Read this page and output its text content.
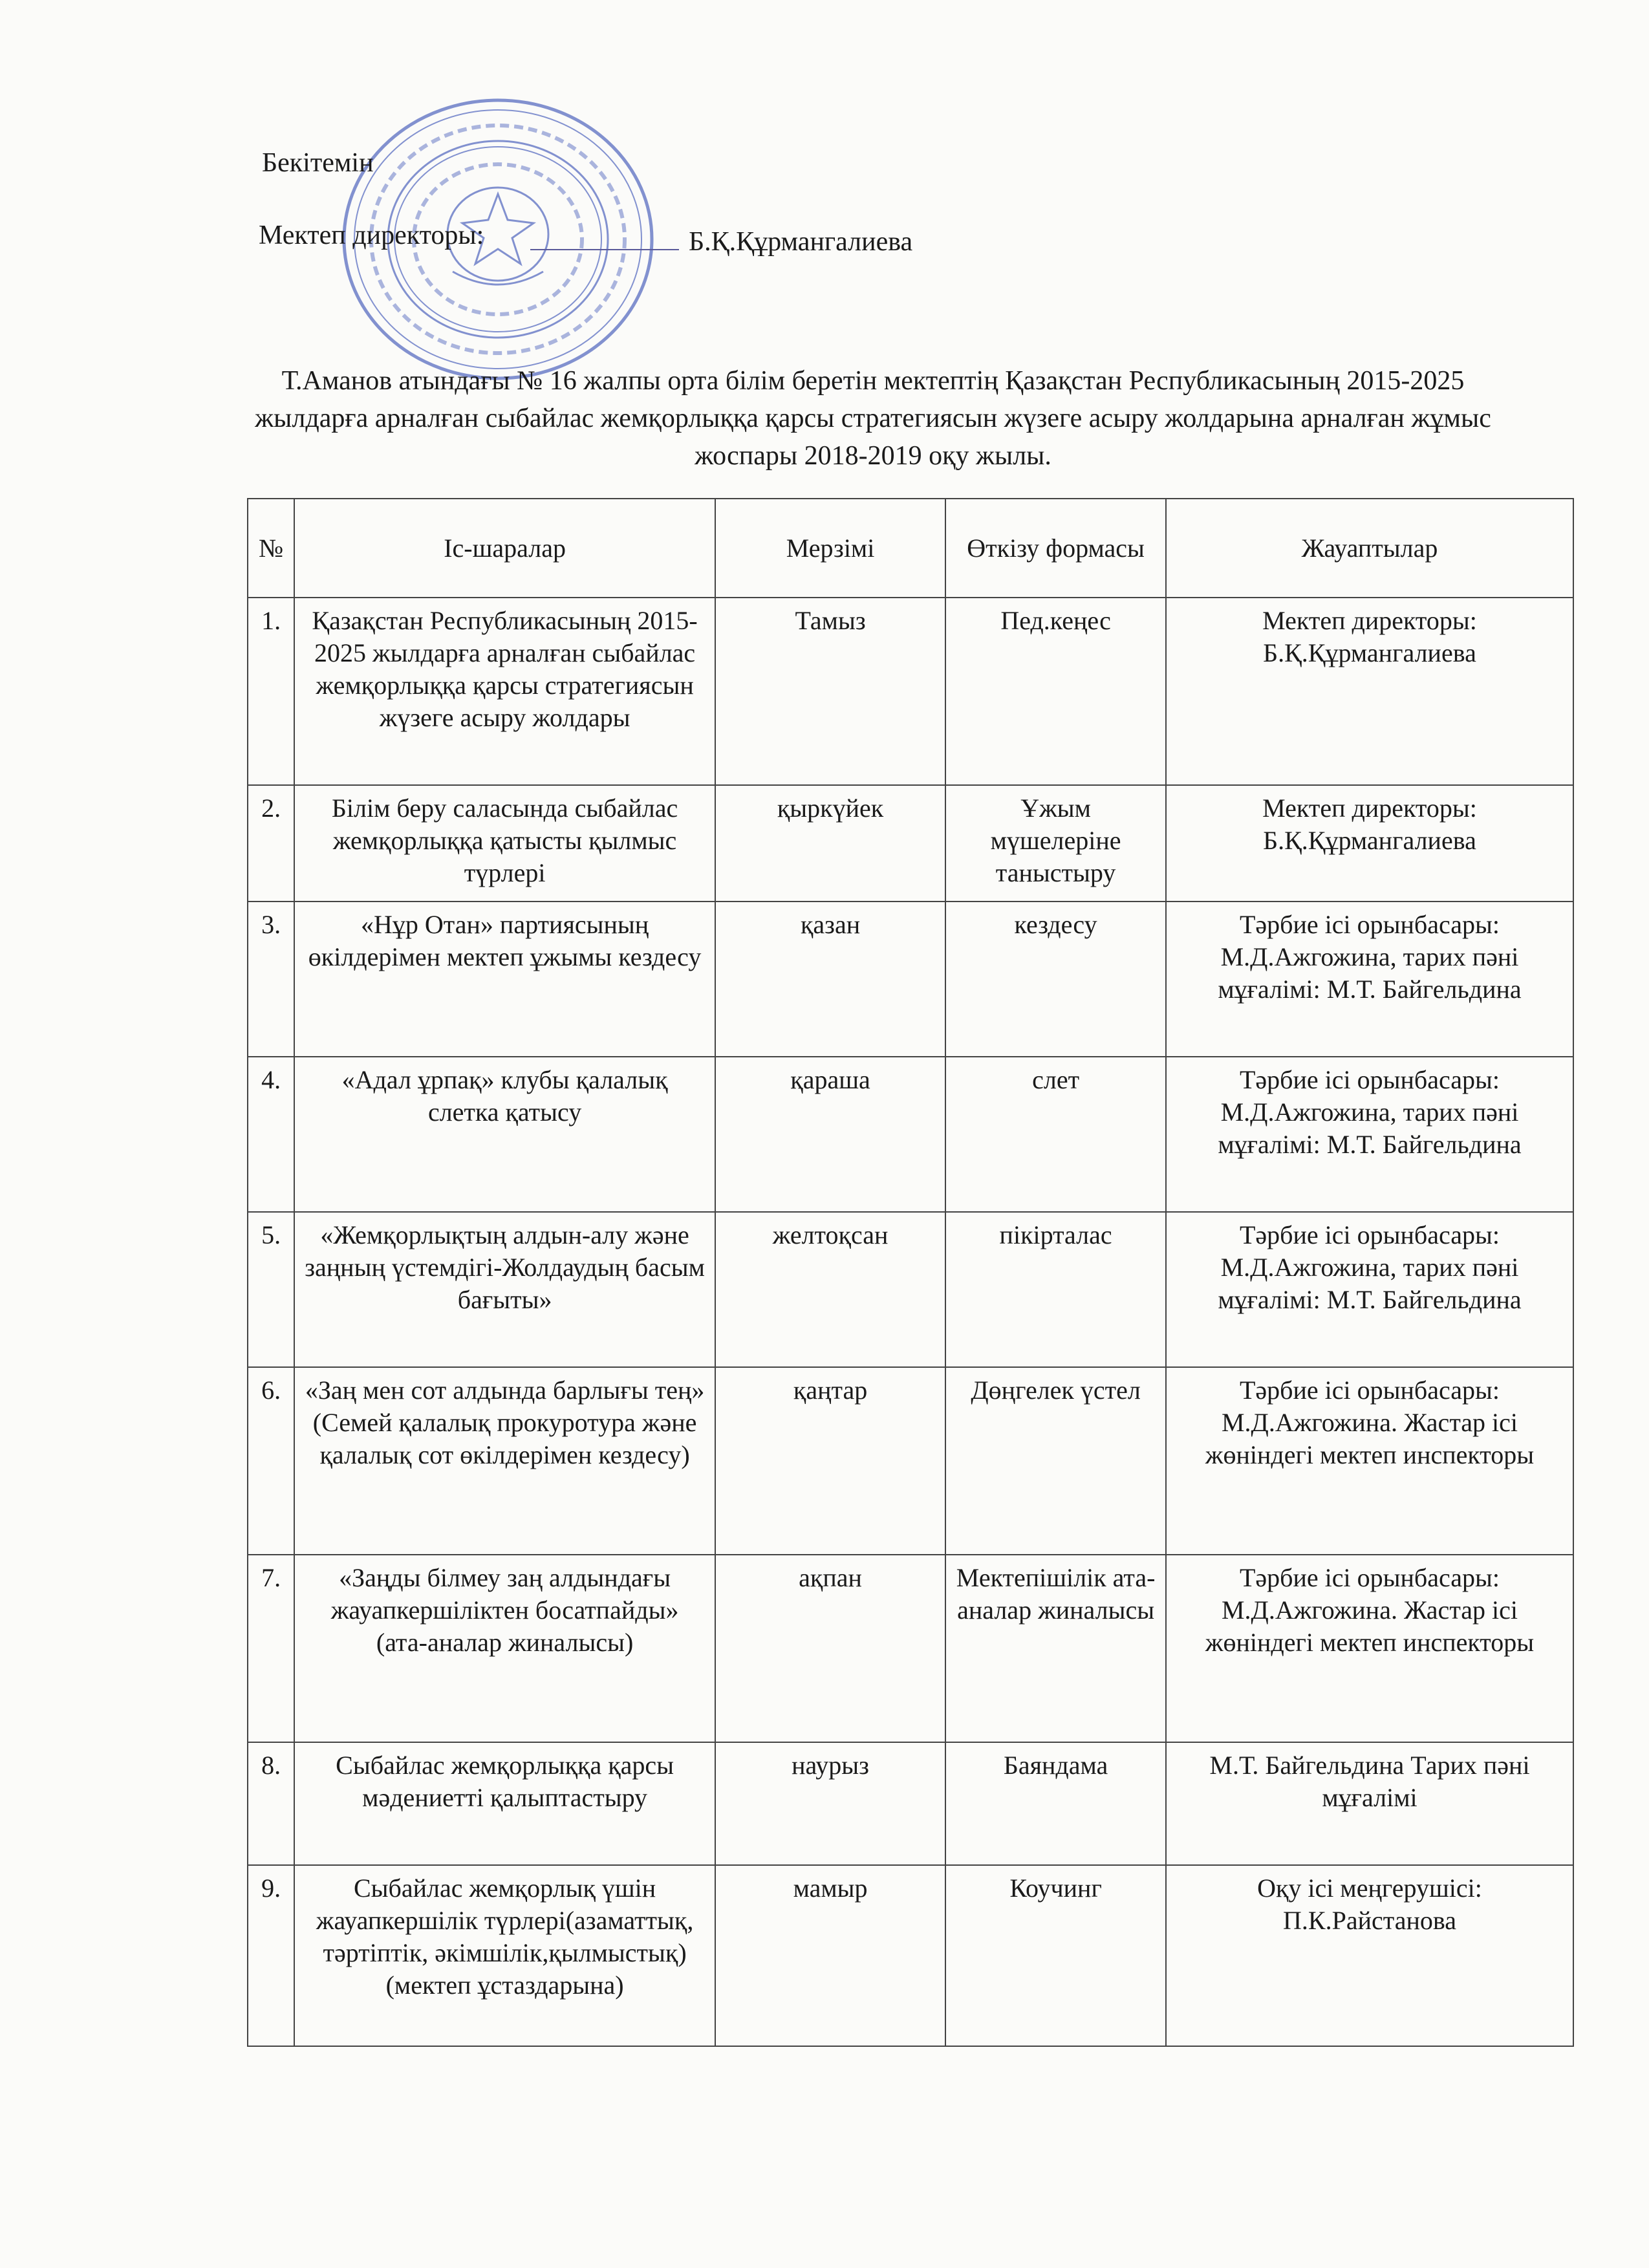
Бекітемін
Мектеп директоры:	Б.Қ.Құрмангалиева
Т.Аманов атындағы № 16 жалпы орта білім беретін мектептің Қазақстан Республикасының 2015-2025 жылдарға арналған сыбайлас жемқорлыққа қарсы стратегиясын жүзеге асыру жолдарына арналған жұмыс жоспары 2018-2019 оқу жылы.
№	Іс-шаралар	Мерзімі	Өткізу формасы	Жауаптылар
1.	Қазақстан Республикасының 2015-2025 жылдарға арналған сыбайлас жемқорлыққа қарсы стратегиясын жүзеге асыру жолдары	Тамыз	Пед.кеңес	Мектеп директоры: Б.Қ.Құрмангалиева
2.	Білім беру саласында сыбайлас жемқорлыққа қатысты қылмыс түрлері	қыркүйек	Ұжым мүшелеріне таныстыру	Мектеп директоры: Б.Қ.Құрмангалиева
3.	«Нұр Отан» партиясының өкілдерімен мектеп ұжымы кездесу	қазан	кездесу	Тәрбие ісі орынбасары: М.Д.Ажгожина, тарих пәні мұғалімі: М.Т. Байгельдина
4.	«Адал ұрпақ» клубы қалалық слетка қатысу	қараша	слет	Тәрбие ісі орынбасары: М.Д.Ажгожина, тарих пәні мұғалімі: М.Т. Байгельдина
5.	«Жемқорлықтың алдын-алу және заңның үстемдігі-Жолдаудың басым бағыты»	желтоқсан	пікірталас	Тәрбие ісі орынбасары: М.Д.Ажгожина, тарих пәні мұғалімі: М.Т. Байгельдина
6.	«Заң мен сот алдында барлығы тең» (Семей қалалық прокуротура және қалалық сот өкілдерімен кездесу)	қаңтар	Дөңгелек үстел	Тәрбие ісі орынбасары: М.Д.Ажгожина. Жастар ісі жөніндегі мектеп инспекторы
7.	«Заңды білмеу заң алдындағы жауапкершіліктен босатпайды» (ата-аналар жиналысы)	ақпан	Мектепішілік ата-аналар жиналысы	Тәрбие ісі орынбасары: М.Д.Ажгожина. Жастар ісі жөніндегі мектеп инспекторы
8.	Сыбайлас жемқорлыққа қарсы мәдениетті қалыптастыру	наурыз	Баяндама	М.Т. Байгельдина Тарих пәні мұғалімі
9.	Сыбайлас жемқорлық үшін жауапкершілік түрлері(азаматтық, тәртіптік, әкімшілік,қылмыстық) (мектеп ұстаздарына)	мамыр	Коучинг	Оқу ісі меңгерушісі: П.К.Райстанова
